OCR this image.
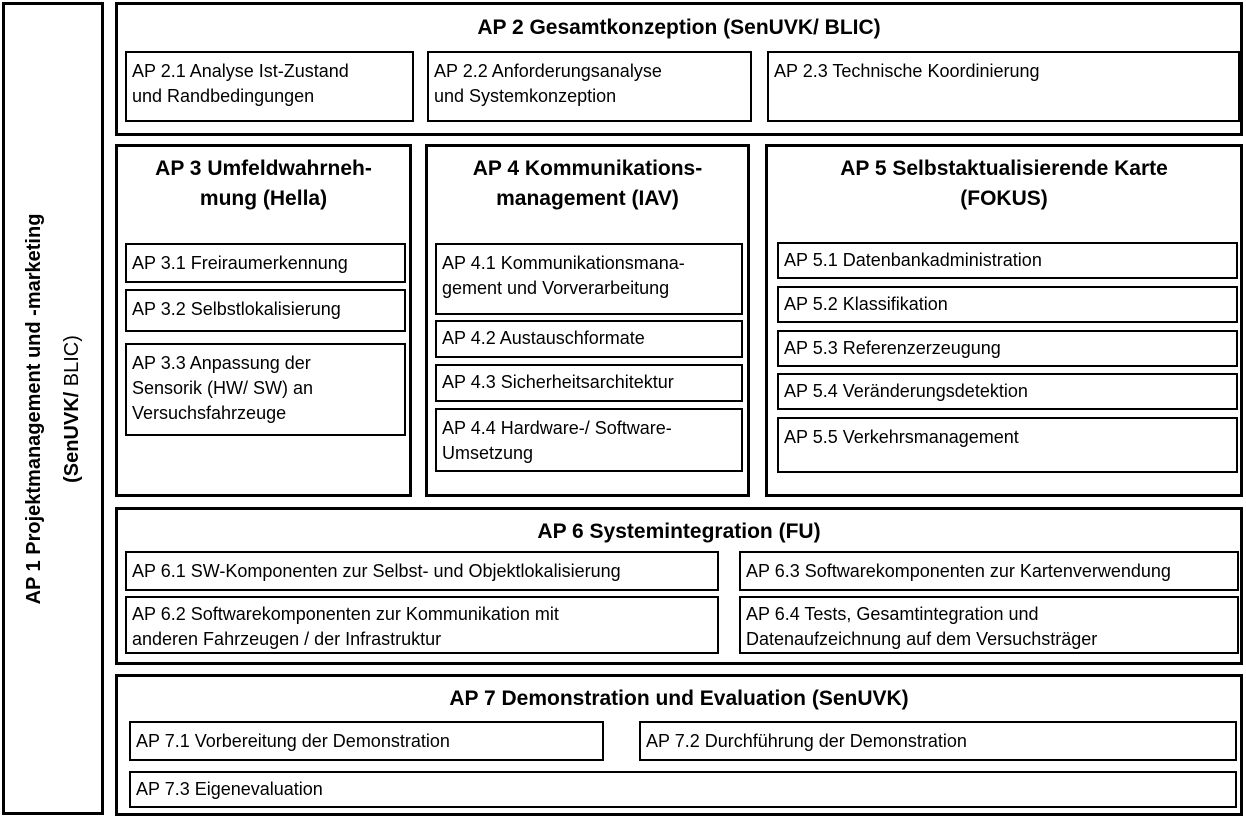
AP 1 Projektmanagement und -marketing (SenUVK/ BLIC)
AP 2 Gesamtkonzeption (SenUVK/ BLIC)
AP 2.1 Analyse Ist-Zustand
und Randbedingungen
AP 2.2 Anforderungsanalyse
und Systemkonzeption
AP 2.3 Technische Koordinierung
AP 3 Umfeldwahrneh-
mung (Hella)
AP 3.1 Freiraumerkennung
AP 3.2 Selbstlokalisierung
AP 3.3 Anpassung der
Sensorik (HW/ SW) an
Versuchsfahrzeuge
AP 4 Kommunikations-
management (IAV)
AP 4.1 Kommunikationsmana-
gement und Vorverarbeitung
AP 4.2 Austauschformate
AP 4.3 Sicherheitsarchitektur
AP 4.4 Hardware-/ Software-
Umsetzung
AP 5 Selbstaktualisierende Karte
(FOKUS)
AP 5.1 Datenbankadministration
AP 5.2 Klassifikation
AP 5.3 Referenzerzeugung
AP 5.4 Veränderungsdetektion
AP 5.5 Verkehrsmanagement
AP 6 Systemintegration (FU)
AP 6.1 SW-Komponenten zur Selbst- und Objektlokalisierung
AP 6.2 Softwarekomponenten zur Kommunikation mit
anderen Fahrzeugen / der Infrastruktur
AP 6.3 Softwarekomponenten zur Kartenverwendung
AP 6.4 Tests, Gesamtintegration und
Datenaufzeichnung auf dem Versuchsträger
AP 7 Demonstration und Evaluation (SenUVK)
AP 7.1 Vorbereitung der Demonstration	AP 7.2 Durchführung der Demonstration
AP 7.3 Eigenevaluation
